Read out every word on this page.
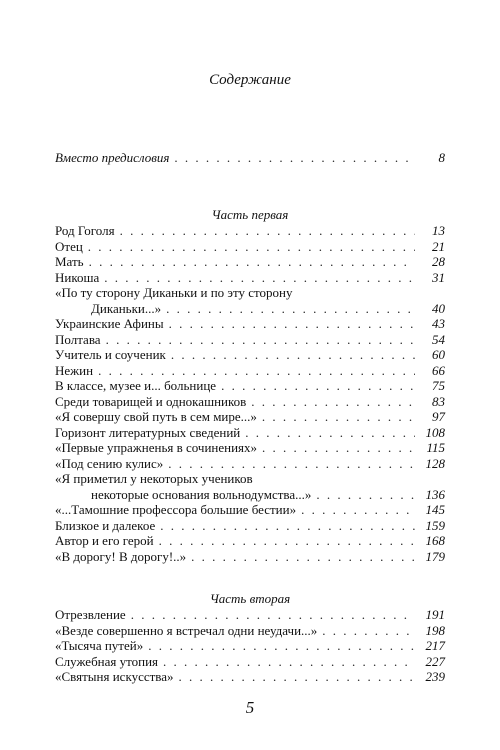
Содержание
Вместо предисловия . . .	8
Часть первая
Род Гоголя . . .	13
Отец . . .	21
Мать . . .	28
Никоша . . .	31
«По ту сторону Диканьки и по эту сторону
Диканьки...» . . .	40
Украинские Афины . . .	43
Полтава . . .	54
Учитель и соученик . . .	60
Нежин . . .	66
В классе, музее и... больнице . . .	75
Среди товарищей и однокашников . . .	83
«Я совершу свой путь в сем мире...» . . .	97
Горизонт литературных сведений . . .	108
«Первые упражненья в сочинениях» . . .	115
«Под сению кулис» . . .	128
«Я приметил у некоторых учеников
некоторые основания вольнодумства...» . . .	136
«...Тамошние профессора большие бестии» . . .	145
Близкое и далекое . . .	159
Автор и его герой . . .	168
«В дорогу! В дорогу!..» . . .	179
Часть вторая
Отрезвление . . .	191
«Везде совершенно я встречал одни неудачи...» . . .	198
«Тысяча путей» . . .	217
Служебная утопия . . .	227
«Святыня искусства» . . .	239
5
